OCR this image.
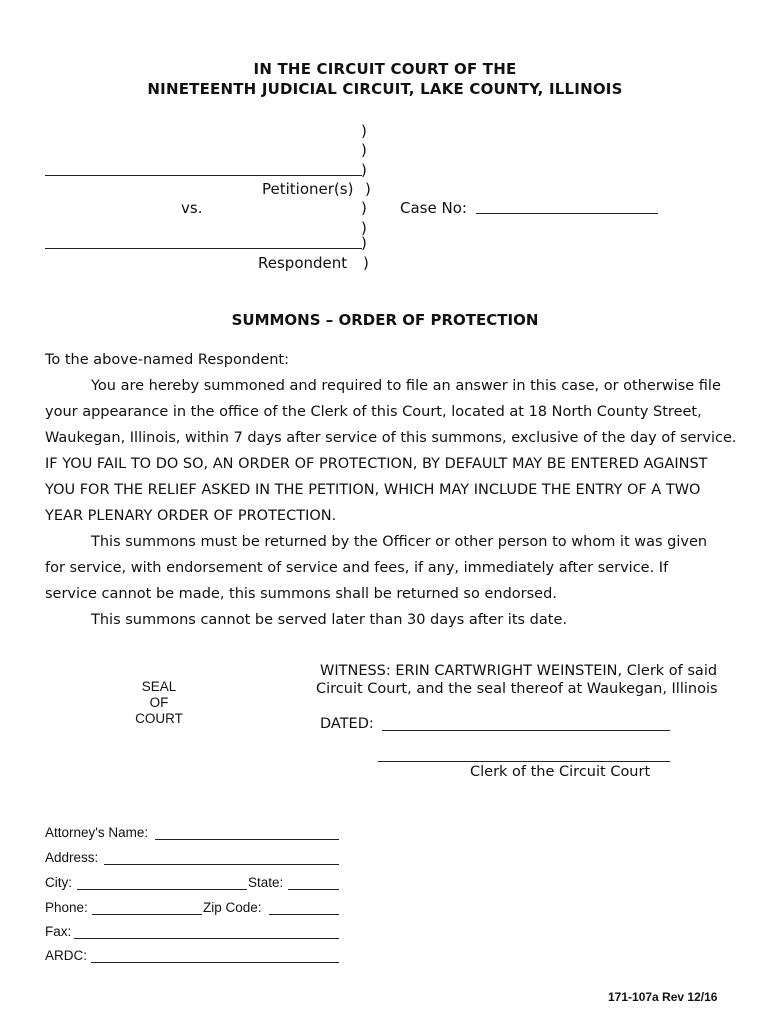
IN THE CIRCUIT COURT OF THE
NINETEENTH JUDICIAL CIRCUIT, LAKE COUNTY, ILLINOIS
)
)
)
Petitioner(s) )
vs.	) Case No:
)
)
Respondent )
SUMMONS – ORDER OF PROTECTION
To the above-named Respondent:
You are hereby summoned and required to file an answer in this case, or otherwise file
your appearance in the office of the Clerk of this Court, located at 18 North County Street,
Waukegan, Illinois, within 7 days after service of this summons, exclusive of the day of service.
IF YOU FAIL TO DO SO, AN ORDER OF PROTECTION, BY DEFAULT MAY BE ENTERED AGAINST
YOU FOR THE RELIEF ASKED IN THE PETITION, WHICH MAY INCLUDE THE ENTRY OF A TWO
YEAR PLENARY ORDER OF PROTECTION.
This summons must be returned by the Officer or other person to whom it was given
for service, with endorsement of service and fees, if any, immediately after service. If
service cannot be made, this summons shall be returned so endorsed.
This summons cannot be served later than 30 days after its date.
SEAL
OF
COURT
WITNESS: ERIN CARTWRIGHT WEINSTEIN, Clerk of said
Circuit Court, and the seal thereof at Waukegan, Illinois
DATED:
Clerk of the Circuit Court
Attorney's Name:
Address:
City:	State:
Phone:	Zip Code:
Fax:
ARDC:
171-107a Rev 12/16
